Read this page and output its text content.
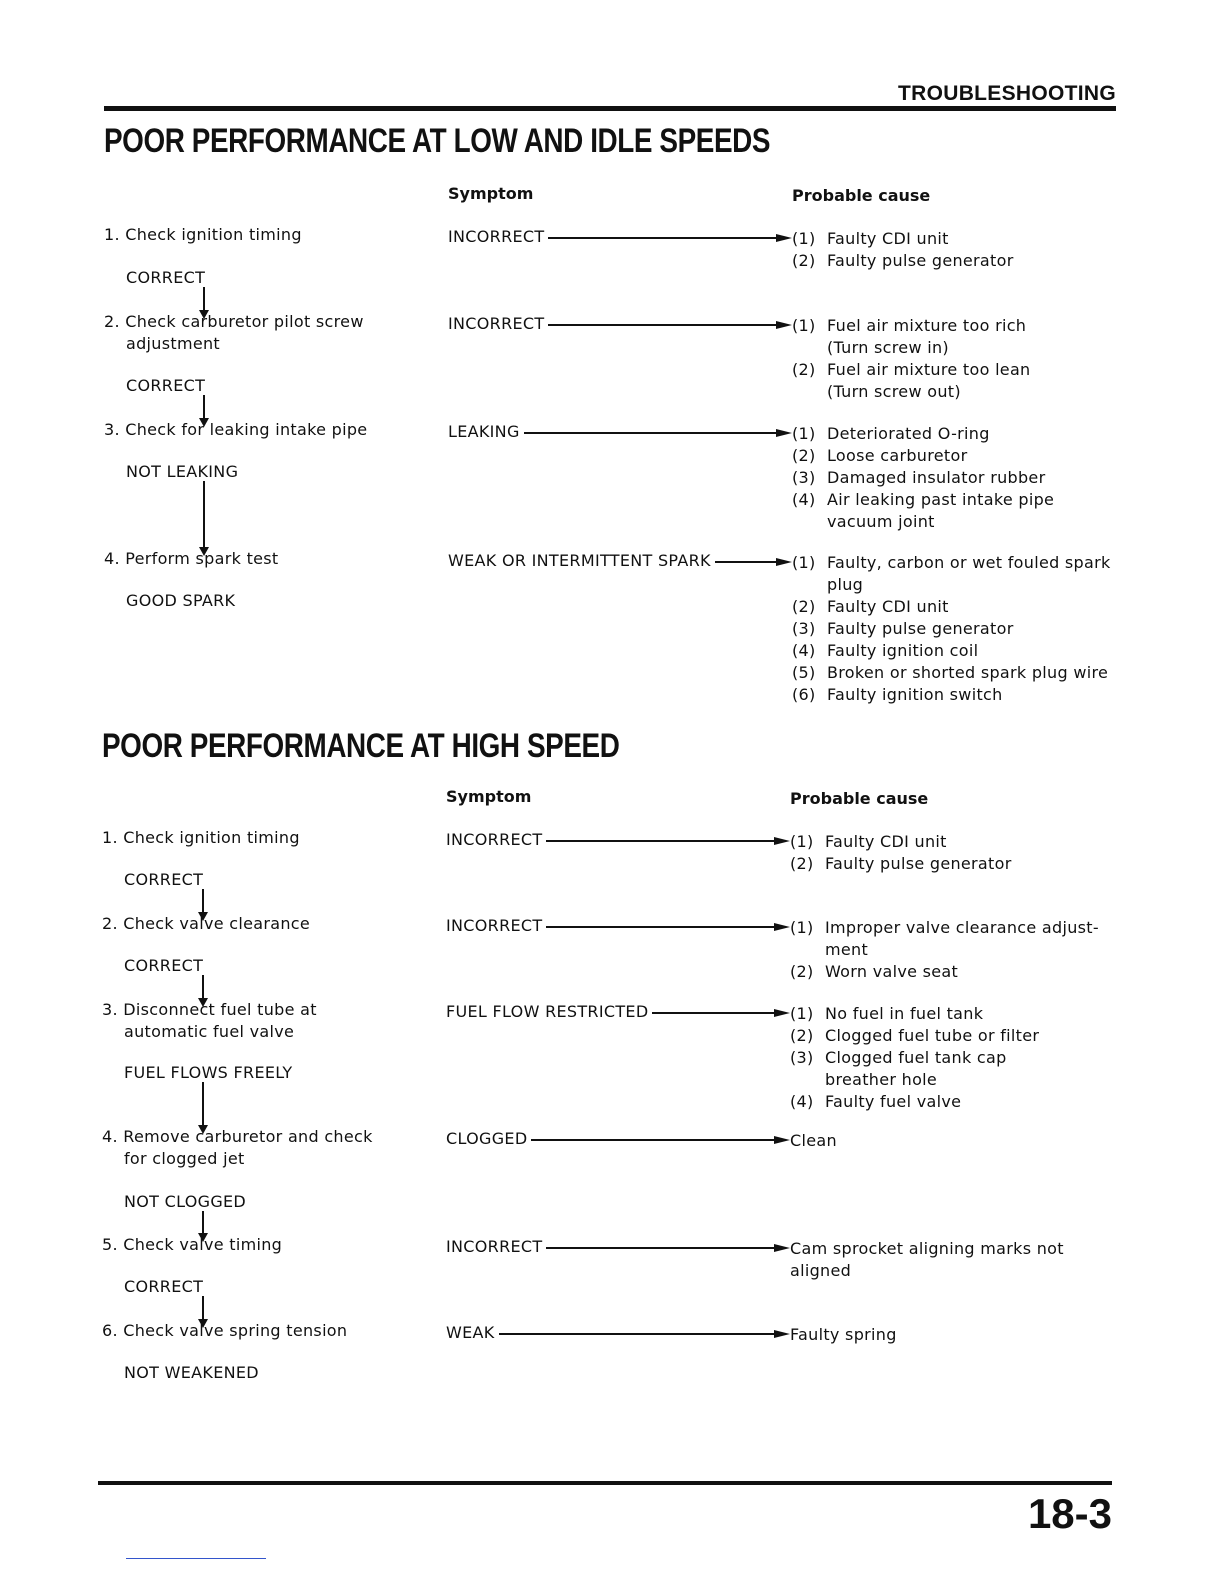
TROUBLESHOOTING
POOR PERFORMANCE AT LOW AND IDLE SPEEDS
Symptom	Probable cause
1. Check ignition timing
CORRECT
INCORRECT	(1) Faulty CDI unit
(2) Faulty pulse generator
2. Check carburetor pilot screw
adjustment
CORRECT
INCORRECT	(1) Fuel air mixture too rich
(Turn screw in)
(2) Fuel air mixture too lean
(Turn screw out)
3. Check for leaking intake pipe
NOT LEAKING
LEAKING	(1) Deteriorated O-ring
(2) Loose carburetor
(3) Damaged insulator rubber
(4) Air leaking past intake pipe
vacuum joint
4. Perform spark test
GOOD SPARK
WEAK OR INTERMITTENT SPARK	(1) Faulty, carbon or wet fouled spark
plug
(2) Faulty CDI unit
(3) Faulty pulse generator
(4) Faulty ignition coil
(5) Broken or shorted spark plug wire
(6) Faulty ignition switch
POOR PERFORMANCE AT HIGH SPEED
Symptom	Probable cause
1. Check ignition timing
CORRECT
INCORRECT	(1) Faulty CDI unit
(2) Faulty pulse generator
2. Check valve clearance
CORRECT
INCORRECT	(1) Improper valve clearance adjust-
ment
(2) Worn valve seat
3. Disconnect fuel tube at
automatic fuel valve
FUEL FLOWS FREELY
FUEL FLOW RESTRICTED	(1) No fuel in fuel tank
(2) Clogged fuel tube or filter
(3) Clogged fuel tank cap
breather hole
(4) Faulty fuel valve
4. Remove carburetor and check
for clogged jet
NOT CLOGGED
CLOGGED	Clean
5. Check valve timing
CORRECT
INCORRECT	Cam sprocket aligning marks not
aligned
6. Check valve spring tension
NOT WEAKENED
WEAK	Faulty spring
18-3
